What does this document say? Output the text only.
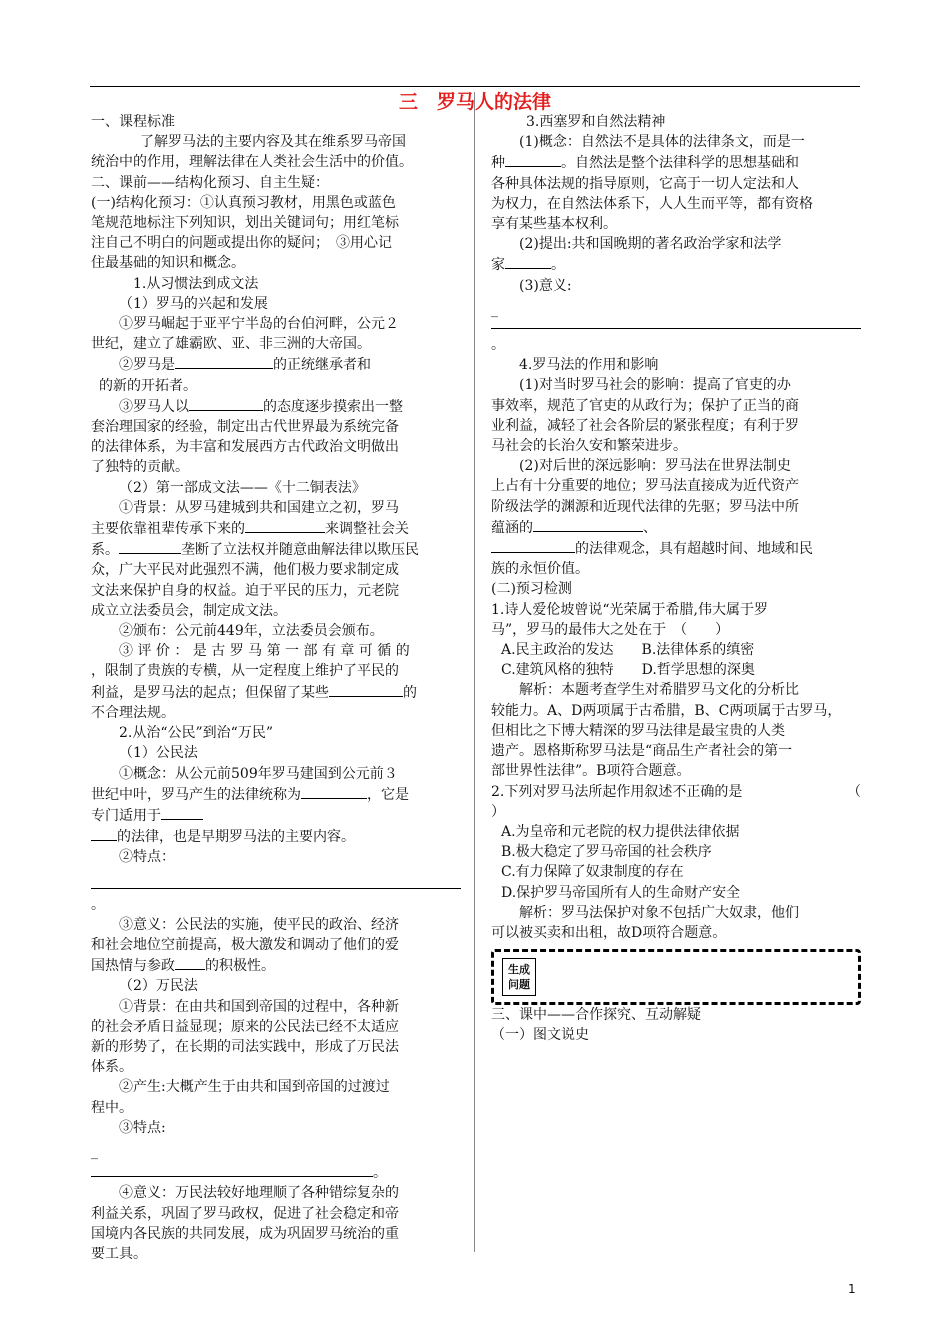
三　罗马人的法律

一、课程标准

了解罗马法的主要内容及其在维系罗马帝国

统治中的作用，理解法律在人类社会生活中的价值。

二、课前——结构化预习、自主生疑：

(一)结构化预习：①认真预习教材，用黑色或蓝色

笔规范地标注下列知识，划出关键词句；用红笔标

注自己不明白的问题或提出你的疑问；　③用心记

住最基础的知识和概念。

1.从习惯法到成文法

（1）罗马的兴起和发展

①罗马崛起于亚平宁半岛的台伯河畔，公元２

世纪，建立了雄霸欧、亚、非三洲的大帝国。

②罗马是	的正统继承者和

的新的开拓者。

③罗马人以	的态度逐步摸索出一整

套治理国家的经验，制定出古代世界最为系统完备

的法律体系，为丰富和发展西方古代政治文明做出

了独特的贡献。

（2）第一部成文法——《十二铜表法》

①背景：从罗马建城到共和国建立之初，罗马

主要依靠祖辈传承下来的	来调整社会关

系。	垄断了立法权并随意曲解法律以欺压民

众，广大平民对此强烈不满，他们极力要求制定成

文法来保护自身的权益。迫于平民的压力，元老院

成立立法委员会，制定成文法。

②颁布：公元前449年，立法委员会颁布。

③ 评 价 ： 是 古 罗 马 第 一 部 有 章 可 循 的

，限制了贵族的专横，从一定程度上维护了平民的

利益，是罗马法的起点；但保留了某些	的

不合理法规。

2.从治“公民”到治“万民”

（1）公民法

①概念：从公元前509年罗马建国到公元前３

世纪中叶，罗马产生的法律统称为	，它是

专门适用于

的法律，也是早期罗马法的主要内容。

②特点：

。

③意义：公民法的实施，使平民的政治、经济

和社会地位空前提高，极大激发和调动了他们的爱

国热情与参政 的积极性。

（2）万民法

①背景：在由共和国到帝国的过程中，各种新

的社会矛盾日益显现；原来的公民法已经不太适应

新的形势了，在长期的司法实践中，形成了万民法

体系。

②产生:大概产生于由共和国到帝国的过渡过

程中。

③特点:

_

。

④意义：万民法较好地理顺了各种错综复杂的

利益关系，巩固了罗马政权，促进了社会稳定和帝

国境内各民族的共同发展，成为巩固罗马统治的重

要工具。

3.西塞罗和自然法精神

(1)概念：自然法不是具体的法律条文，而是一

种	。自然法是整个法律科学的思想基础和

各种具体法规的指导原则，它高于一切人定法和人

为权力，在自然法体系下，人人生而平等，都有资格

享有某些基本权利。

(2)提出:共和国晚期的著名政治学家和法学

家	。

(3)意义:

_

。

4.罗马法的作用和影响

(1)对当时罗马社会的影响：提高了官吏的办

事效率，规范了官吏的从政行为；保护了正当的商

业利益，减轻了社会各阶层的紧张程度；有利于罗

马社会的长治久安和繁荣进步。

(2)对后世的深远影响：罗马法在世界法制史

上占有十分重要的地位；罗马法直接成为近代资产

阶级法学的渊源和近现代法律的先驱；罗马法中所

蕴涵的	、

的法律观念，具有超越时间、地域和民

族的永恒价值。

(二)预习检测

1.诗人爱伦坡曾说“光荣属于希腊,伟大属于罗

马”，罗马的最伟大之处在于　（　　）

A.民主政治的发达　　B.法律体系的缜密

C.建筑风格的独特　　D.哲学思想的深奥

解析：本题考查学生对希腊罗马文化的分析比

较能力。A、D两项属于古希腊，B、C两项属于古罗马，

但相比之下博大精深的罗马法律是最宝贵的人类

遗产。恩格斯称罗马法是“商品生产者社会的第一

部世界性法律”。B项符合题意。

2.下列对罗马法所起作用叙述不正确的是	（

）

A.为皇帝和元老院的权力提供法律依据

B.极大稳定了罗马帝国的社会秩序

C.有力保障了奴隶制度的存在

D.保护罗马帝国所有人的生命财产安全

解析：罗马法保护对象不包括广大奴隶，他们

可以被买卖和出租，故D项符合题意。

生成问题

三、课中——合作探究、互动解疑

（一）图文说史

1
